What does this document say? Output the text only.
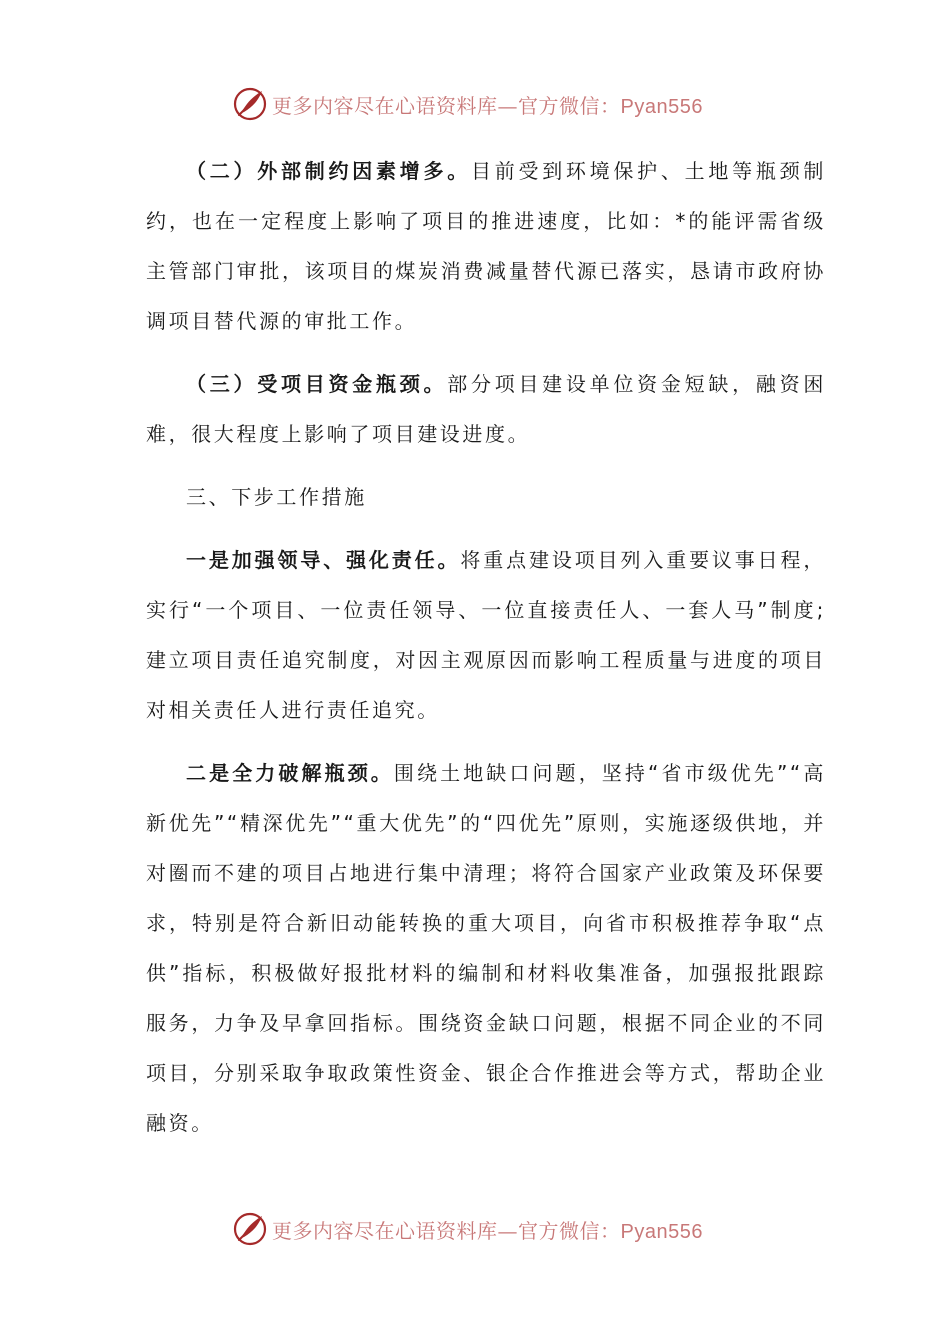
更多内容尽在心语资料库—官方微信：Pyan556

（二）外部制约因素增多。目前受到环境保护、土地等瓶颈制约，也在一定程度上影响了项目的推进速度，比如：*的能评需省级主管部门审批，该项目的煤炭消费减量替代源已落实，恳请市政府协调项目替代源的审批工作。

（三）受项目资金瓶颈。部分项目建设单位资金短缺，融资困难，很大程度上影响了项目建设进度。

三、下步工作措施

一是加强领导、强化责任。将重点建设项目列入重要议事日程，实行“一个项目、一位责任领导、一位直接责任人、一套人马”制度;建立项目责任追究制度，对因主观原因而影响工程质量与进度的项目对相关责任人进行责任追究。

二是全力破解瓶颈。围绕土地缺口问题，坚持“省市级优先”“高新优先”“精深优先”“重大优先”的“四优先”原则，实施逐级供地，并对圈而不建的项目占地进行集中清理；将符合国家产业政策及环保要求，特别是符合新旧动能转换的重大项目，向省市积极推荐争取“点供”指标，积极做好报批材料的编制和材料收集准备，加强报批跟踪服务，力争及早拿回指标。围绕资金缺口问题，根据不同企业的不同项目，分别采取争取政策性资金、银企合作推进会等方式，帮助企业融资。

更多内容尽在心语资料库—官方微信：Pyan556
